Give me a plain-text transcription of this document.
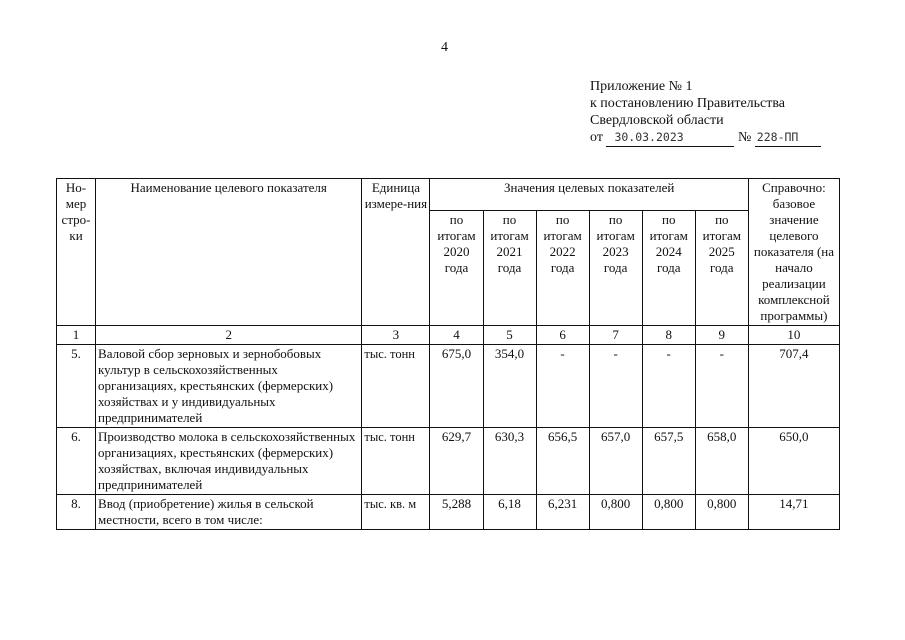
4
Приложение № 1
к постановлению Правительства
Свердловской области
от 30.03.2023	№ 228-ПП
Но-мер стро-ки	Наименование целевого показателя	Единица измере-ния	Значения целевых показателей						Справочно: базовое значение целевого показателя (на начало реализации комплексной программы)
			по итогам 2020 года	по итогам 2021 года	по итогам 2022 года	по итогам 2023 года	по итогам 2024 года	по итогам 2025 года	
1	2	3	4	5	6	7	8	9	10
5.	Валовой сбор зерновых и зернобобовых культур в сельскохозяйственных организациях, крестьянских (фермерских) хозяйствах и у индивидуальных предпринимателей	тыс. тонн	675,0	354,0	-	-	-	-	707,4
6.	Производство молока в сельскохозяйственных организациях, крестьянских (фермерских) хозяйствах, включая индивидуальных предпринимателей	тыс. тонн	629,7	630,3	656,5	657,0	657,5	658,0	650,0
8.	Ввод (приобретение) жилья в сельской местности, всего в том числе:	тыс. кв. м	5,288	6,18	6,231	0,800	0,800	0,800	14,71
